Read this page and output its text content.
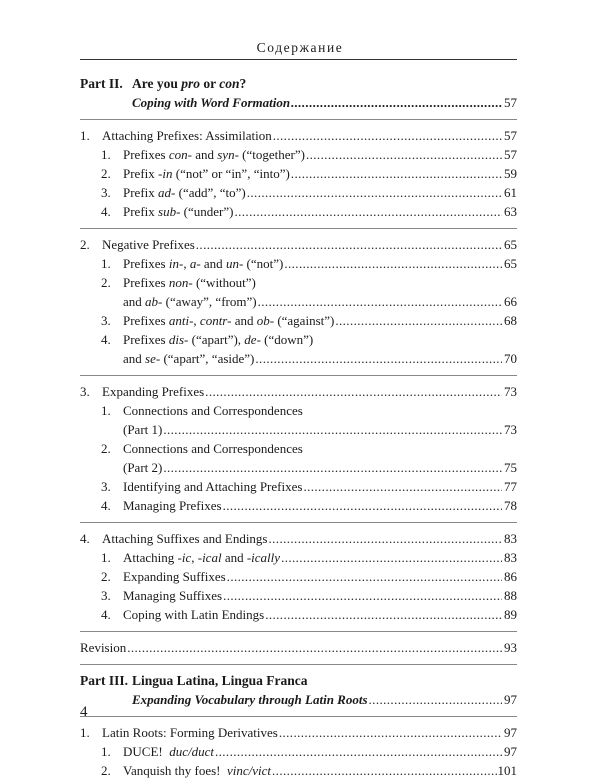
Содержание
Part II. Are you pro or con?
Coping with Word Formation .....	57
1. Attaching Prefixes: Assimilation .....	57
1. Prefixes con- and syn- (“together”) .....	57
2. Prefix -in (“not” or “in”, “into”) .....	59
3. Prefix ad- (“add”, “to”) .....	61
4. Prefix sub- (“under”) .....	63
2. Negative Prefixes .....	65
1. Prefixes in-, a- and un- (“not”) .....	65
2. Prefixes non- (“without”)
and ab- (“away”, “from”) .....	66
3. Prefixes anti-, contr- and ob- (“against”) .....	68
4. Prefixes dis- (“apart”), de- (“down”)
and se- (“apart”, “aside”) .....	70
3. Expanding Prefixes .....	73
1. Connections and Correspondences
(Part 1) .....	73
2. Connections and Correspondences
(Part 2) .....	75
3. Identifying and Attaching Prefixes .....	77
4. Managing Prefixes .....	78
4. Attaching Suffixes and Endings .....	83
1. Attaching -ic, -ical and -ically .....	83
2. Expanding Suffixes .....	86
3. Managing Suffixes .....	88
4. Coping with Latin Endings .....	89
Revision .....	93
Part III. Lingua Latina, Lingua Franca
Expanding Vocabulary through Latin Roots .....	97
1. Latin Roots: Forming Derivatives .....	97
1. DUCE!  duc/duct .....	97
2. Vanquish thy foes!  vinc/vict .....	101
4
